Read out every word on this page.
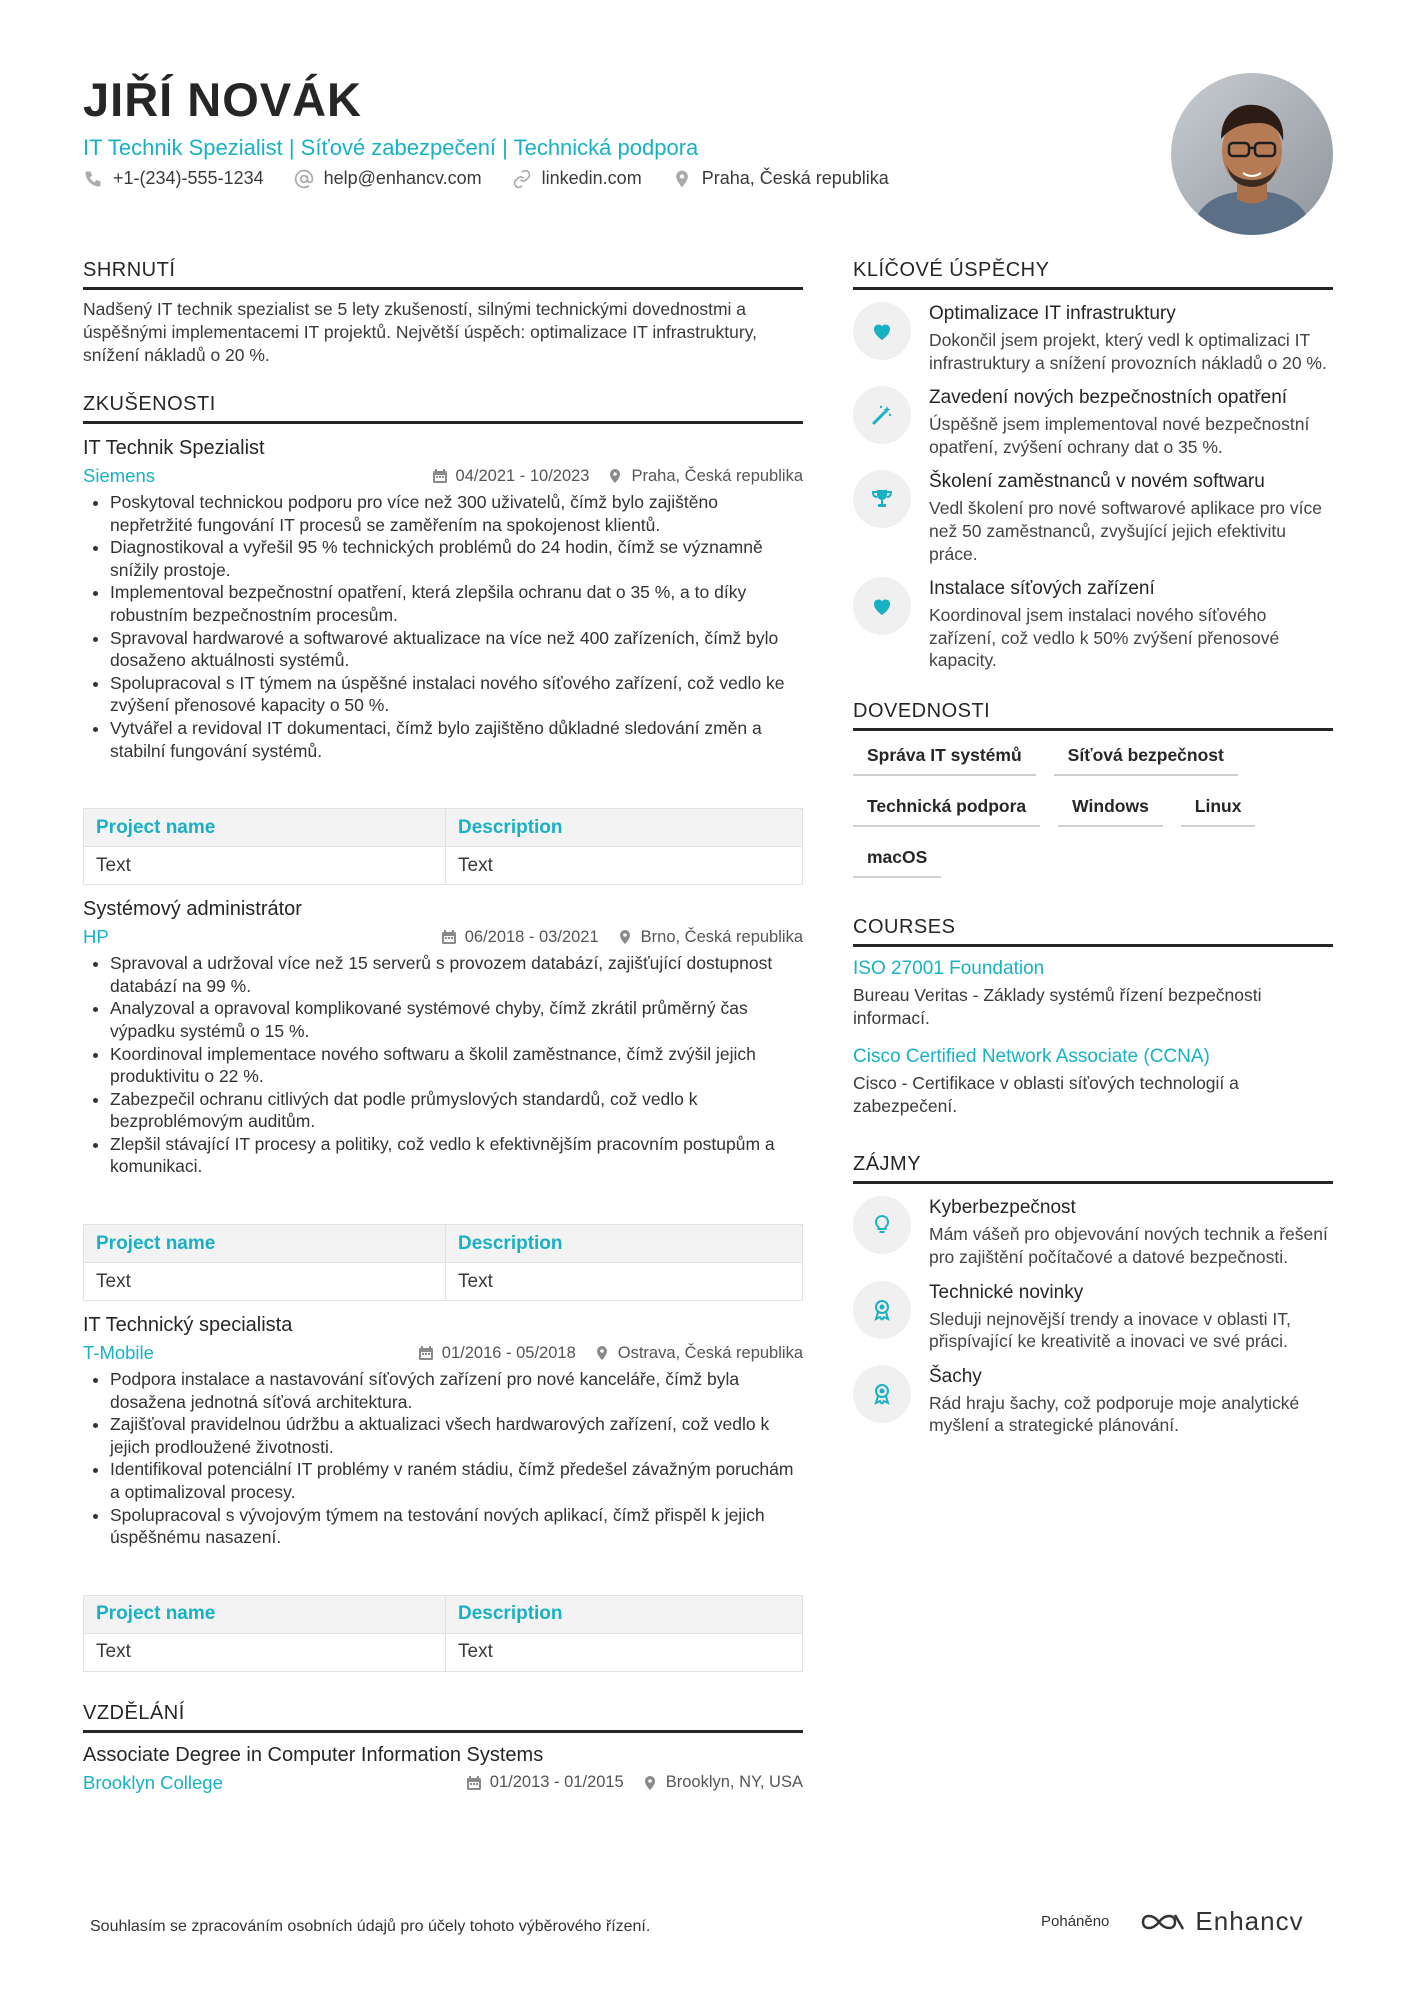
JIŘÍ NOVÁK
IT Technik Spezialist | Síťové zabezpečení | Technická podpora
+1-(234)-555-1234	help@enhancv.com	linkedin.com	Praha, Česká republika
SHRNUTÍ
Nadšený IT technik spezialist se 5 lety zkušeností, silnými technickými dovednostmi a úspěšnými implementacemi IT projektů. Největší úspěch: optimalizace IT infrastruktury, snížení nákladů o 20 %.
ZKUŠENOSTI
IT Technik Spezialist
Siemens	04/2021 - 10/2023	Praha, Česká republika
• Poskytoval technickou podporu pro více než 300 uživatelů, čímž bylo zajištěno nepřetržité fungování IT procesů se zaměřením na spokojenost klientů.
• Diagnostikoval a vyřešil 95 % technických problémů do 24 hodin, čímž se významně snížily prostoje.
• Implementoval bezpečnostní opatření, která zlepšila ochranu dat o 35 %, a to díky robustním bezpečnostním procesům.
• Spravoval hardwarové a softwarové aktualizace na více než 400 zařízeních, čímž bylo dosaženo aktuálnosti systémů.
• Spolupracoval s IT týmem na úspěšné instalaci nového síťového zařízení, což vedlo ke zvýšení přenosové kapacity o 50 %.
• Vytvářel a revidoval IT dokumentaci, čímž bylo zajištěno důkladné sledování změn a stabilní fungování systémů.
Project name	Description
Text	Text
Systémový administrátor
HP	06/2018 - 03/2021	Brno, Česká republika
• Spravoval a udržoval více než 15 serverů s provozem databází, zajišťující dostupnost databází na 99 %.
• Analyzoval a opravoval komplikované systémové chyby, čímž zkrátil průměrný čas výpadku systémů o 15 %.
• Koordinoval implementace nového softwaru a školil zaměstnance, čímž zvýšil jejich produktivitu o 22 %.
• Zabezpečil ochranu citlivých dat podle průmyslových standardů, což vedlo k bezproblémovým auditům.
• Zlepšil stávající IT procesy a politiky, což vedlo k efektivnějším pracovním postupům a komunikaci.
Project name	Description
Text	Text
IT Technický specialista
T-Mobile	01/2016 - 05/2018	Ostrava, Česká republika
• Podpora instalace a nastavování síťových zařízení pro nové kanceláře, čímž byla dosažena jednotná síťová architektura.
• Zajišťoval pravidelnou údržbu a aktualizaci všech hardwarových zařízení, což vedlo k jejich prodloužené životnosti.
• Identifikoval potenciální IT problémy v raném stádiu, čímž předešel závažným poruchám a optimalizoval procesy.
• Spolupracoval s vývojovým týmem na testování nových aplikací, čímž přispěl k jejich úspěšnému nasazení.
Project name	Description
Text	Text
VZDĚLÁNÍ
Associate Degree in Computer Information Systems
Brooklyn College	01/2013 - 01/2015	Brooklyn, NY, USA
KLÍČOVÉ ÚSPĚCHY
Optimalizace IT infrastruktury
Dokončil jsem projekt, který vedl k optimalizaci IT infrastruktury a snížení provozních nákladů o 20 %.
Zavedení nových bezpečnostních opatření
Úspěšně jsem implementoval nové bezpečnostní opatření, zvýšení ochrany dat o 35 %.
Školení zaměstnanců v novém softwaru
Vedl školení pro nové softwarové aplikace pro více než 50 zaměstnanců, zvyšující jejich efektivitu práce.
Instalace síťových zařízení
Koordinoval jsem instalaci nového síťového zařízení, což vedlo k 50% zvýšení přenosové kapacity.
DOVEDNOSTI
Správa IT systémů	Síťová bezpečnost
Technická podpora	Windows	Linux
macOS
COURSES
ISO 27001 Foundation
Bureau Veritas - Základy systémů řízení bezpečnosti informací.
Cisco Certified Network Associate (CCNA)
Cisco - Certifikace v oblasti síťových technologií a zabezpečení.
ZÁJMY
Kyberbezpečnost
Mám vášeň pro objevování nových technik a řešení pro zajištění počítačové a datové bezpečnosti.
Technické novinky
Sleduji nejnovější trendy a inovace v oblasti IT, přispívající ke kreativitě a inovaci ve své práci.
Šachy
Rád hraju šachy, což podporuje moje analytické myšlení a strategické plánování.
Souhlasím se zpracováním osobních údajů pro účely tohoto výběrového řízení.	Poháněno	Enhancv
